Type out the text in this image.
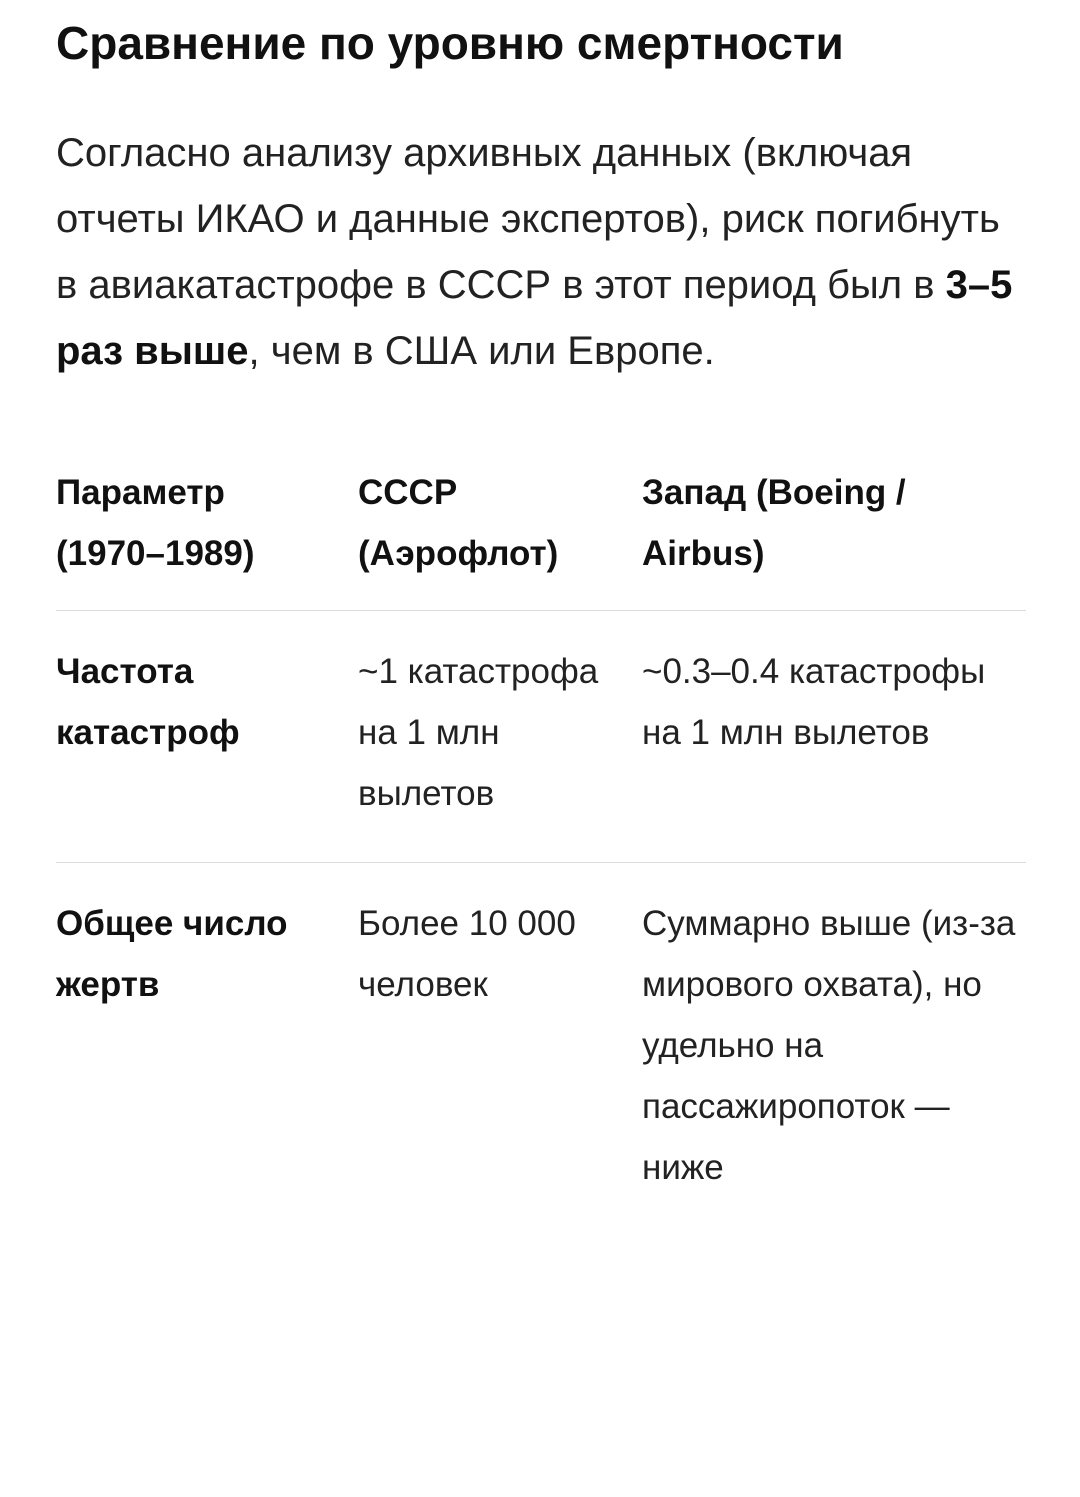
Сравнение по уровню смертности

Согласно анализу архивных данных (включая отчеты ИКАО и данные экспертов), риск погибнуть в авиакатастрофе в СССР в этот период был в 3–5 раз выше, чем в США или Европе.

Параметр (1970–1989)
СССР (Аэрофлот)
Запад (Boeing / Airbus)
Частота катастроф
~1 катастрофа на 1 млн вылетов
~0.3–0.4 катастрофы на 1 млн вылетов
Общее число жертв
Более 10 000 человек
Суммарно выше (из-за мирового охвата), но удельно на пассажиропоток — ниже
